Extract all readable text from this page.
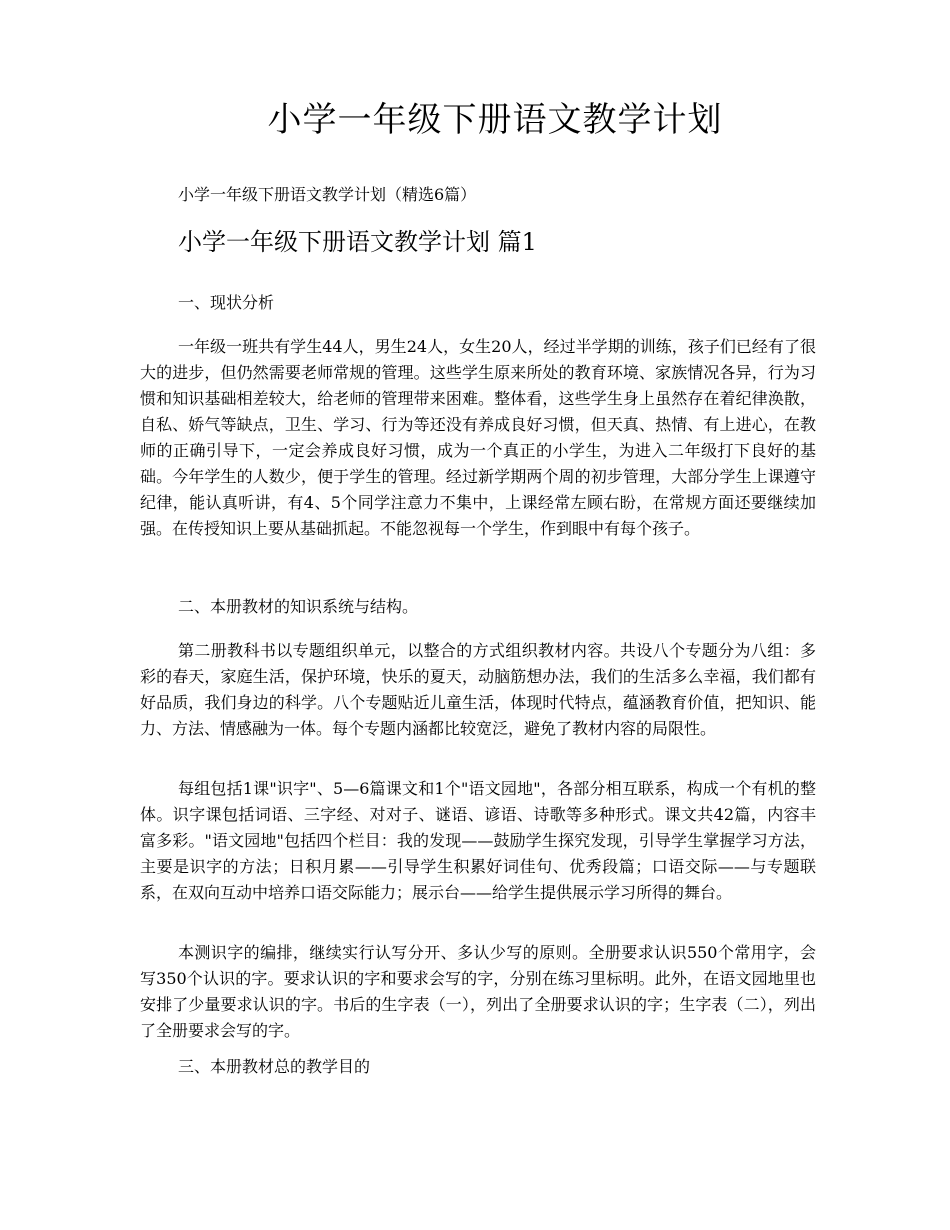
小学一年级下册语文教学计划

小学一年级下册语文教学计划（精选6篇）

小学一年级下册语文教学计划 篇1

一、现状分析

一年级一班共有学生44人，男生24人，女生20人，经过半学期的训练，孩子们已经有了很大的进步，但仍然需要老师常规的管理。这些学生原来所处的教育环境、家族情况各异，行为习惯和知识基础相差较大，给老师的管理带来困难。整体看，这些学生身上虽然存在着纪律涣散，自私、娇气等缺点，卫生、学习、行为等还没有养成良好习惯，但天真、热情、有上进心，在教师的正确引导下，一定会养成良好习惯，成为一个真正的小学生，为进入二年级打下良好的基础。今年学生的人数少，便于学生的管理。经过新学期两个周的初步管理，大部分学生上课遵守纪律，能认真听讲，有4、5个同学注意力不集中，上课经常左顾右盼，在常规方面还要继续加强。在传授知识上要从基础抓起。不能忽视每一个学生，作到眼中有每个孩子。

二、本册教材的知识系统与结构。

第二册教科书以专题组织单元，以整合的方式组织教材内容。共设八个专题分为八组：多彩的春天，家庭生活，保护环境，快乐的夏天，动脑筋想办法，我们的生活多么幸福，我们都有好品质，我们身边的科学。八个专题贴近儿童生活，体现时代特点，蕴涵教育价值，把知识、能力、方法、情感融为一体。每个专题内涵都比较宽泛，避免了教材内容的局限性。

每组包括1课"识字"、5—6篇课文和1个"语文园地"，各部分相互联系，构成一个有机的整体。识字课包括词语、三字经、对对子、谜语、谚语、诗歌等多种形式。课文共42篇，内容丰富多彩。"语文园地"包括四个栏目：我的发现——鼓励学生探究发现，引导学生掌握学习方法，主要是识字的方法；日积月累——引导学生积累好词佳句、优秀段篇；口语交际——与专题联系，在双向互动中培养口语交际能力；展示台——给学生提供展示学习所得的舞台。

本测识字的编排，继续实行认写分开、多认少写的原则。全册要求认识550个常用字，会写350个认识的字。要求认识的字和要求会写的字，分别在练习里标明。此外，在语文园地里也安排了少量要求认识的字。书后的生字表（一），列出了全册要求认识的字；生字表（二），列出了全册要求会写的字。

三、本册教材总的教学目的
